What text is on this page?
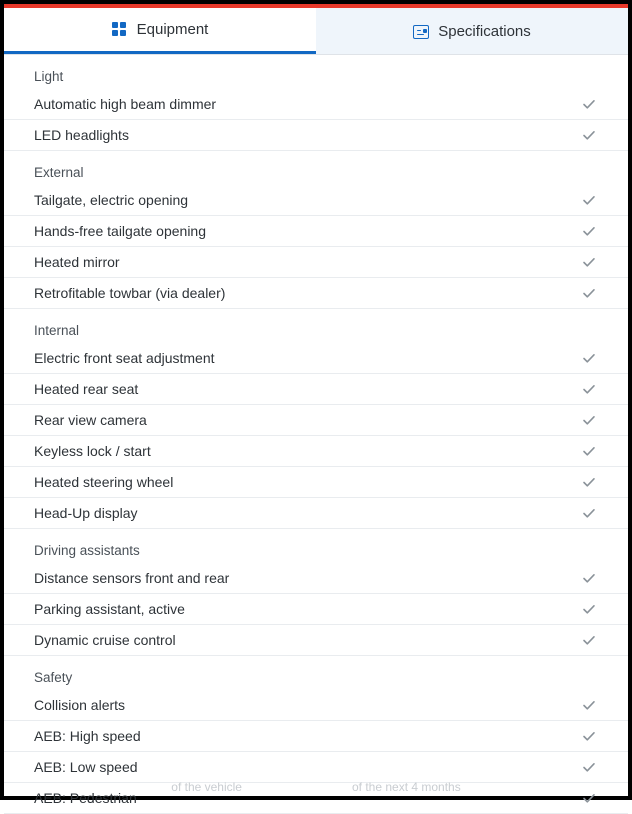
Equipment	Specifications
Light
Automatic high beam dimmer
LED headlights
External
Tailgate, electric opening
Hands-free tailgate opening
Heated mirror
Retrofitable towbar (via dealer)
Internal
Electric front seat adjustment
Heated rear seat
Rear view camera
Keyless lock / start
Heated steering wheel
Head-Up display
Driving assistants
Distance sensors front and rear
Parking assistant, active
Dynamic cruise control
Safety
Collision alerts
AEB: High speed
AEB: Low speed
AEB: Pedestrian
of the vehicle	of the next 4 months
